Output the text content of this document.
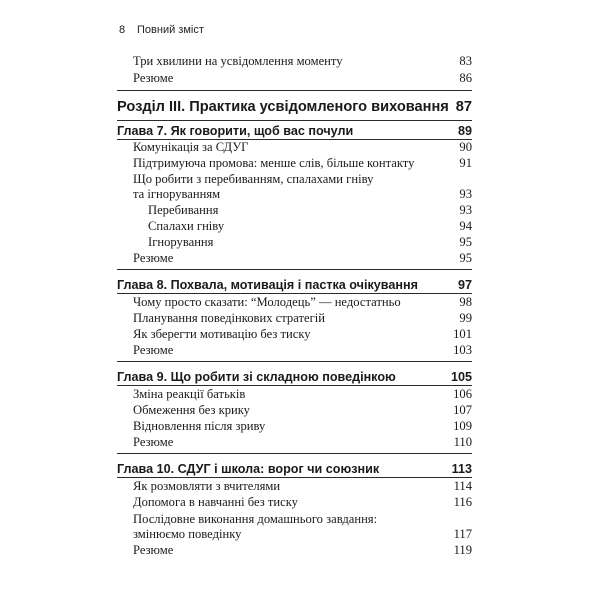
8 Повний зміст
Три хвилини на усвідомлення моменту	83
Резюме	86
Розділ III. Практика усвідомленого виховання 87
Глава 7. Як говорити, щоб вас почули	89
Комунікація за СДУГ	90
Підтримуюча промова: менше слів, більше контакту	91
Що робити з перебиванням, спалахами гніву
та ігноруванням	93
Перебивання	93
Спалахи гніву	94
Ігнорування	95
Резюме	95
Глава 8. Похвала, мотивація і пастка очікування	97
Чому просто сказати: “Молодець” — недостатньо	98
Планування поведінкових стратегій	99
Як зберегти мотивацію без тиску	101
Резюме	103
Глава 9. Що робити зі складною поведінкою	105
Зміна реакції батьків	106
Обмеження без крику	107
Відновлення після зриву	109
Резюме	110
Глава 10. СДУГ і школа: ворог чи союзник	113
Як розмовляти з вчителями	114
Допомога в навчанні без тиску	116
Послідовне виконання домашнього завдання:
змінюємо поведінку	117
Резюме	119
